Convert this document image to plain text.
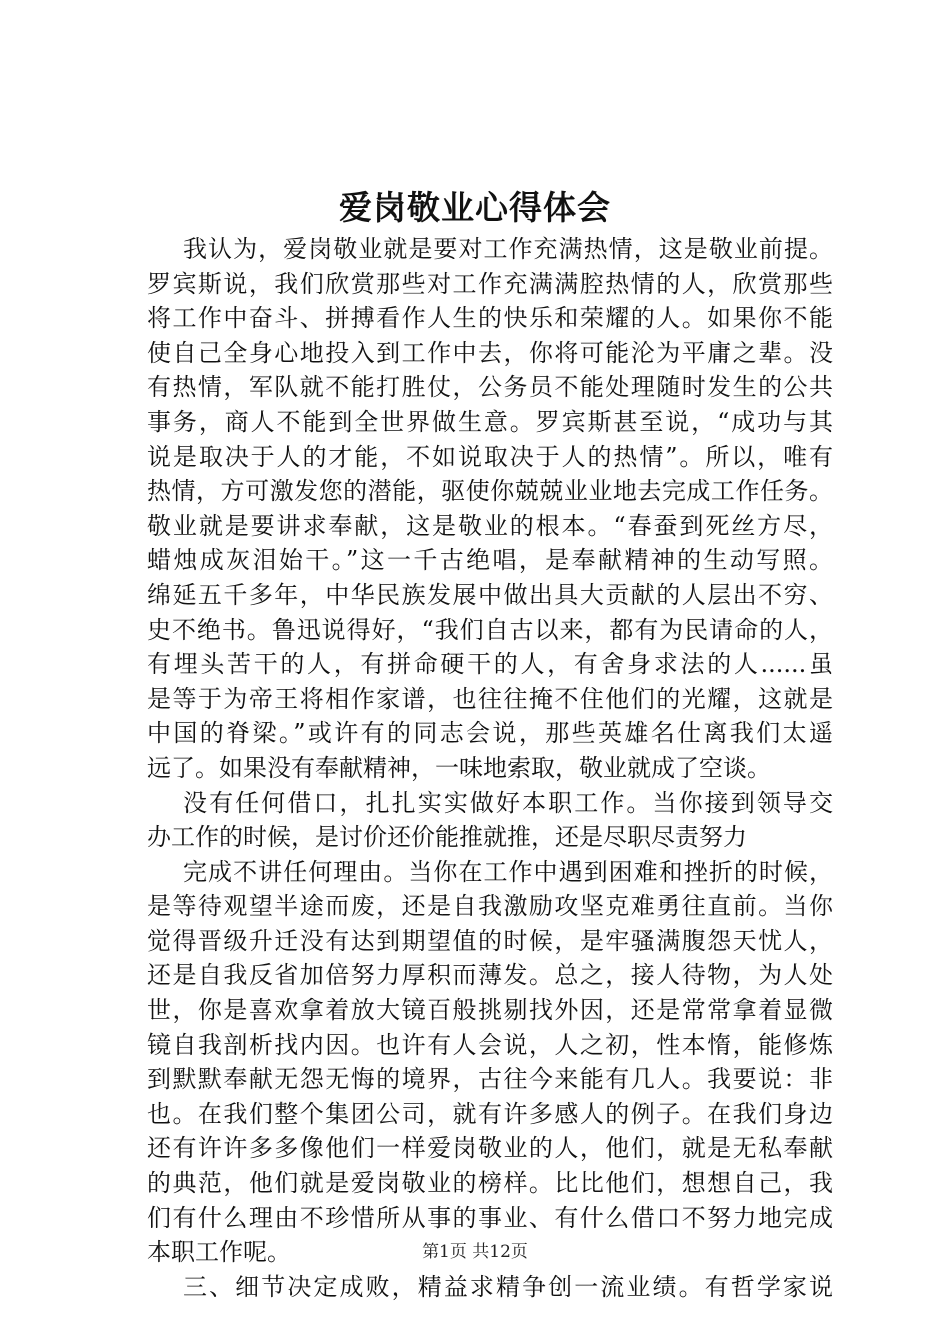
爱岗敬业心得体会
我认为，爱岗敬业就是要对工作充满热情，这是敬业前提。
罗宾斯说，我们欣赏那些对工作充满满腔热情的人，欣赏那些
将工作中奋斗、拼搏看作人生的快乐和荣耀的人。如果你不能
使自己全身心地投入到工作中去，你将可能沦为平庸之辈。没
有热情，军队就不能打胜仗，公务员不能处理随时发生的公共
事务，商人不能到全世界做生意。罗宾斯甚至说，“成功与其
说是取决于人的才能，不如说取决于人的热情”。所以，唯有
热情，方可激发您的潜能，驱使你兢兢业业地去完成工作任务。
敬业就是要讲求奉献，这是敬业的根本。“春蚕到死丝方尽，
蜡烛成灰泪始干。”这一千古绝唱，是奉献精神的生动写照。
绵延五千多年，中华民族发展中做出具大贡献的人层出不穷、
史不绝书。鲁迅说得好，“我们自古以来，都有为民请命的人，
有埋头苦干的人，有拼命硬干的人，有舍身求法的人......虽
是等于为帝王将相作家谱，也往往掩不住他们的光耀，这就是
中国的脊梁。”或许有的同志会说，那些英雄名仕离我们太遥
远了。如果没有奉献精神，一味地索取，敬业就成了空谈。
没有任何借口，扎扎实实做好本职工作。当你接到领导交
办工作的时候，是讨价还价能推就推，还是尽职尽责努力
完成不讲任何理由。当你在工作中遇到困难和挫折的时候，
是等待观望半途而废，还是自我激励攻坚克难勇往直前。当你
觉得晋级升迁没有达到期望值的时候，是牢骚满腹怨天忧人，
还是自我反省加倍努力厚积而薄发。总之，接人待物，为人处
世，你是喜欢拿着放大镜百般挑剔找外因，还是常常拿着显微
镜自我剖析找内因。也许有人会说，人之初，性本惰，能修炼
到默默奉献无怨无悔的境界，古往今来能有几人。我要说：非
也。在我们整个集团公司，就有许多感人的例子。在我们身边
还有许许多多像他们一样爱岗敬业的人，他们，就是无私奉献
的典范，他们就是爱岗敬业的榜样。比比他们，想想自己，我
们有什么理由不珍惜所从事的事业、有什么借口不努力地完成
本职工作呢。
三、细节决定成败，精益求精争创一流业绩。有哲学家说
第1页 共12页
